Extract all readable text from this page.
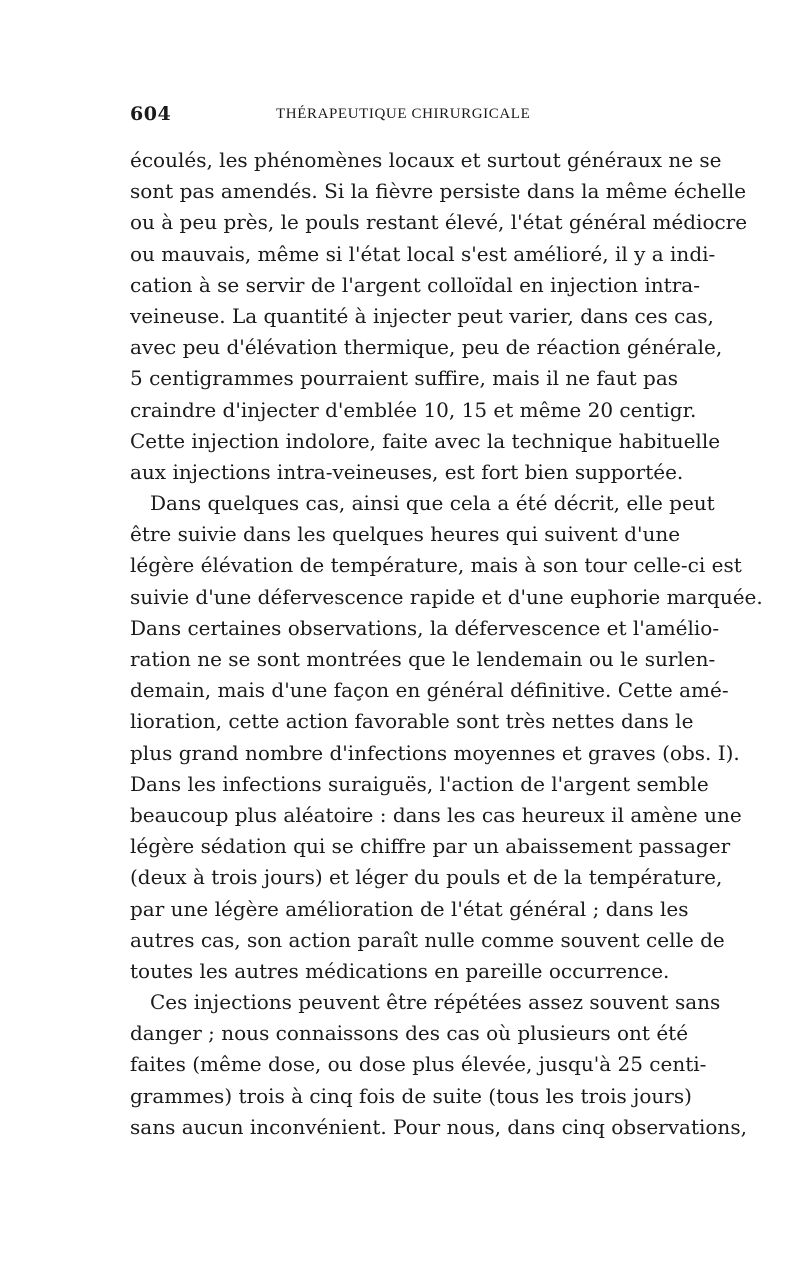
604	THÉRAPEUTIQUE CHIRURGICALE
écoulés, les phénomènes locaux et surtout généraux ne se
sont pas amendés. Si la fièvre persiste dans la même échelle
ou à peu près, le pouls restant élevé, l'état général médiocre
ou mauvais, même si l'état local s'est amélioré, il y a indi-
cation à se servir de l'argent colloïdal en injection intra-
veineuse. La quantité à injecter peut varier, dans ces cas,
avec peu d'élévation thermique, peu de réaction générale,
5 centigrammes pourraient suffire, mais il ne faut pas
craindre d'injecter d'emblée 10, 15 et même 20 centigr.
Cette injection indolore, faite avec la technique habituelle
aux injections intra-veineuses, est fort bien supportée.
Dans quelques cas, ainsi que cela a été décrit, elle peut
être suivie dans les quelques heures qui suivent d'une
légère élévation de température, mais à son tour celle-ci est
suivie d'une défervescence rapide et d'une euphorie marquée.
Dans certaines observations, la défervescence et l'amélio-
ration ne se sont montrées que le lendemain ou le surlen-
demain, mais d'une façon en général définitive. Cette amé-
lioration, cette action favorable sont très nettes dans le
plus grand nombre d'infections moyennes et graves (obs. I).
Dans les infections suraiguës, l'action de l'argent semble
beaucoup plus aléatoire : dans les cas heureux il amène une
légère sédation qui se chiffre par un abaissement passager
(deux à trois jours) et léger du pouls et de la température,
par une légère amélioration de l'état général ; dans les
autres cas, son action paraît nulle comme souvent celle de
toutes les autres médications en pareille occurrence.
Ces injections peuvent être répétées assez souvent sans
danger ; nous connaissons des cas où plusieurs ont été
faites (même dose, ou dose plus élevée, jusqu'à 25 centi-
grammes) trois à cinq fois de suite (tous les trois jours)
sans aucun inconvénient. Pour nous, dans cinq observations,
